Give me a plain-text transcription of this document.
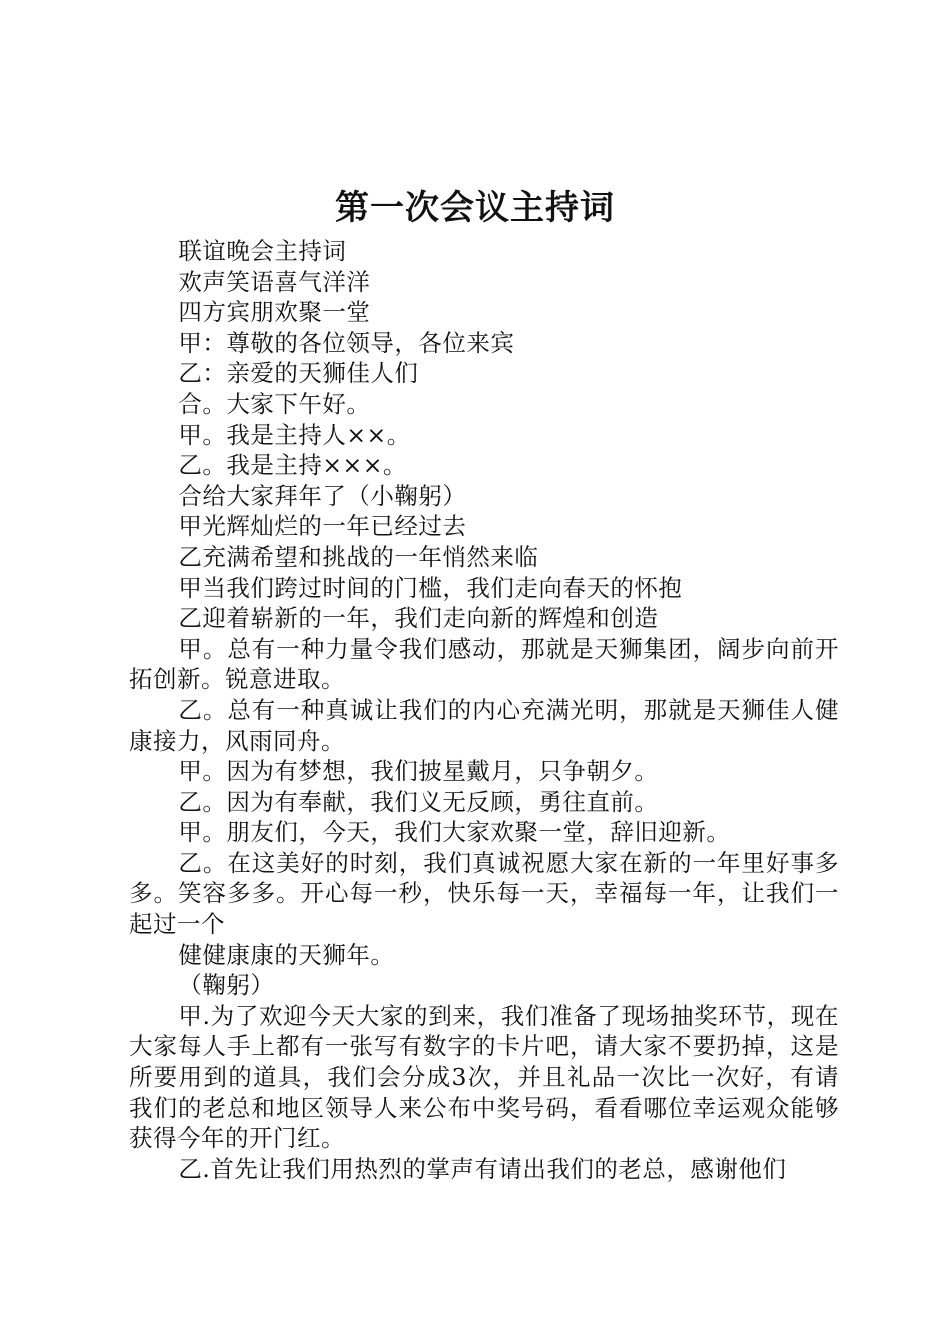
第一次会议主持词

联谊晚会主持词

欢声笑语喜气洋洋

四方宾朋欢聚一堂

甲：尊敬的各位领导，各位来宾

乙：亲爱的天狮佳人们

合。大家下午好。

甲。我是主持人××。

乙。我是主持×××。

合给大家拜年了（小鞠躬）

甲光辉灿烂的一年已经过去

乙充满希望和挑战的一年悄然来临

甲当我们跨过时间的门槛，我们走向春天的怀抱

乙迎着崭新的一年，我们走向新的辉煌和创造

甲。总有一种力量令我们感动，那就是天狮集团，阔步向前开拓创新。锐意进取。

乙。总有一种真诚让我们的内心充满光明，那就是天狮佳人健康接力，风雨同舟。

甲。因为有梦想，我们披星戴月，只争朝夕。

乙。因为有奉献，我们义无反顾，勇往直前。

甲。朋友们，今天，我们大家欢聚一堂，辞旧迎新。

乙。在这美好的时刻，我们真诚祝愿大家在新的一年里好事多多。笑容多多。开心每一秒，快乐每一天，幸福每一年，让我们一起过一个

健健康康的天狮年。

（鞠躬）

甲.为了欢迎今天大家的到来，我们准备了现场抽奖环节，现在大家每人手上都有一张写有数字的卡片吧，请大家不要扔掉，这是所要用到的道具，我们会分成3次，并且礼品一次比一次好，有请我们的老总和地区领导人来公布中奖号码，看看哪位幸运观众能够获得今年的开门红。

乙.首先让我们用热烈的掌声有请出我们的老总，感谢他们
